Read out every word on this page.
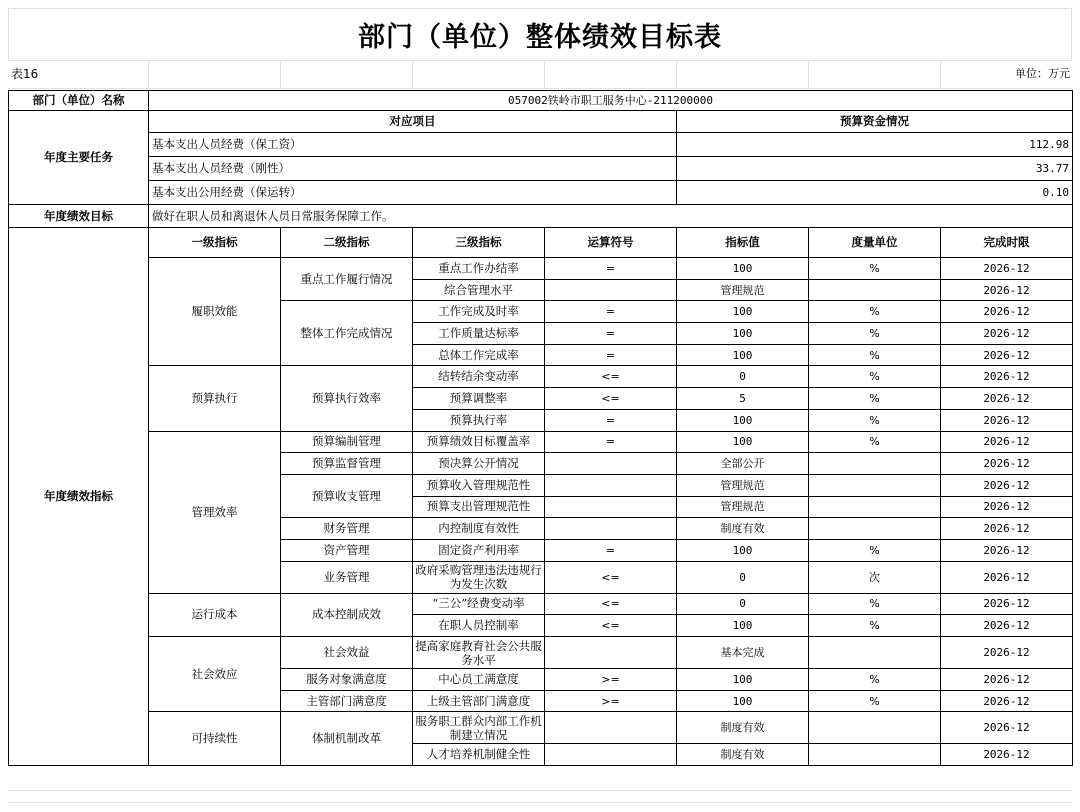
部门（单位）整体绩效目标表
表16	单位：万元
部门（单位）名称	057002铁岭市职工服务中心-211200000						
年度主要任务	对应项目				预算资金情况		
	基本支出人员经费（保工资）				112.98		
	基本支出人员经费（刚性）				33.77		
	基本支出公用经费（保运转）				0.10		
年度绩效目标	做好在职人员和离退休人员日常服务保障工作。						
年度绩效指标	一级指标	二级指标	三级指标	运算符号	指标值	度量单位	完成时限
	履职效能	重点工作履行情况	重点工作办结率	=	100	%	2026-12
			综合管理水平		管理规范		2026-12
		整体工作完成情况	工作完成及时率	=	100	%	2026-12
			工作质量达标率	=	100	%	2026-12
			总体工作完成率	=	100	%	2026-12
	预算执行	预算执行效率	结转结余变动率	<=	0	%	2026-12
			预算调整率	<=	5	%	2026-12
			预算执行率	=	100	%	2026-12
	管理效率	预算编制管理	预算绩效目标覆盖率	=	100	%	2026-12
		预算监督管理	预决算公开情况		全部公开		2026-12
		预算收支管理	预算收入管理规范性		管理规范		2026-12
			预算支出管理规范性		管理规范		2026-12
		财务管理	内控制度有效性		制度有效		2026-12
		资产管理	固定资产利用率	=	100	%	2026-12
		业务管理	政府采购管理违法违规行为发生次数	<=	0	次	2026-12
	运行成本	成本控制成效	“三公”经费变动率	<=	0	%	2026-12
			在职人员控制率	<=	100	%	2026-12
	社会效应	社会效益	提高家庭教育社会公共服务水平		基本完成		2026-12
		服务对象满意度	中心员工满意度	>=	100	%	2026-12
		主管部门满意度	上级主管部门满意度	>=	100	%	2026-12
	可持续性	体制机制改革	服务职工群众内部工作机制建立情况		制度有效		2026-12
			人才培养机制健全性		制度有效		2026-12
